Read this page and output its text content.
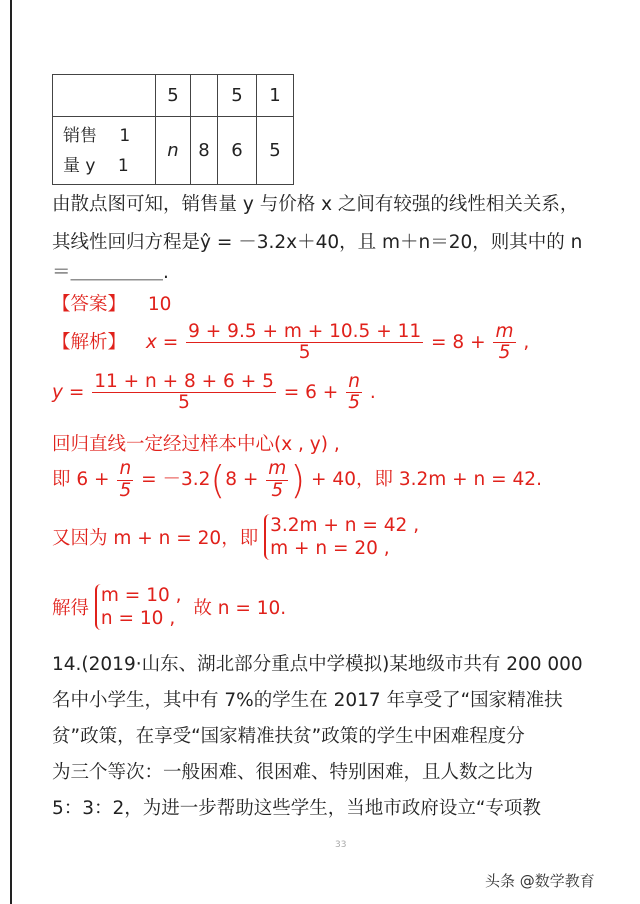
	5		5	1

销售 　1
量 y 　1	n	8	6	5
由散点图可知，销售量 y 与价格 x 之间有较强的线性相关关系，
其线性回归方程是ŷ = －3.2x＋40，且 m＋n＝20，则其中的 n
＝＿＿＿＿＿.
【答案】 10
【解析】 $x = \frac{9 + 9.5 + m + 10.5 + 11}{5} = 8 + \frac{m}{5}$ ,
$y = \frac{11 + n + 8 + 6 + 5}{5} = 6 + \frac{n}{5}$ .
回归直线一定经过样本中心(x , y) ,
即 $6 + \frac{n}{5} = -3.2(8 + \frac{m}{5}$ ) + 40，即 3.2m + n = 42.
又因为 m + n = 20，即
3.2m + n = 42 ,
m + n = 20 ,
解得
m = 10 ,
n = 10 , 故 n = 10.
14.(2019·山东、湖北部分重点中学模拟)某地级市共有 200 000
名中小学生，其中有 7%的学生在 2017 年享受了“国家精准扶
贫”政策，在享受“国家精准扶贫”政策的学生中困难程度分
为三个等次：一般困难、很困难、特别困难，且人数之比为
5：3：2，为进一步帮助这些学生，当地市政府设立“专项教
33
头条 @数学教育
